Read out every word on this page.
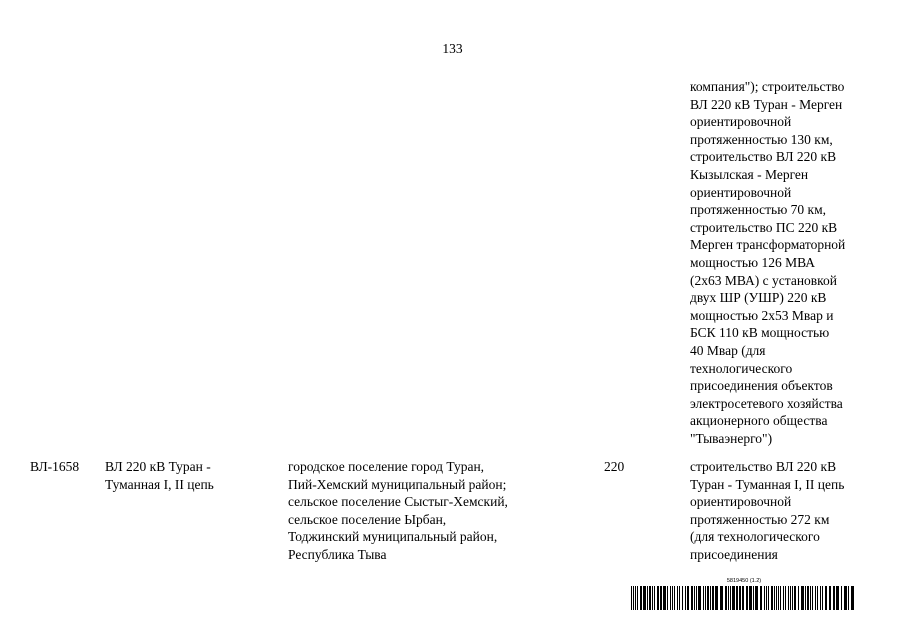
133
компания"); строительство
ВЛ 220 кВ Туран - Мерген
ориентировочной
протяженностью 130 км,
строительство ВЛ 220 кВ
Кызылская - Мерген
ориентировочной
протяженностью 70 км,
строительство ПС 220 кВ
Мерген трансформаторной
мощностью 126 МВА
(2x63 МВА) с установкой
двух ШР (УШР) 220 кВ
мощностью 2x53 Мвар и
БСК 110 кВ мощностью
40 Мвар (для
технологического
присоединения объектов
электросетевого хозяйства
акционерного общества
"Тываэнерго")
ВЛ-1658	ВЛ 220 кВ Туран -
Туманная I, II цепь
городское поселение город Туран,
Пий-Хемский муниципальный район;
сельское поселение Сыстыг-Хемский,
сельское поселение Ырбан,
Тоджинский муниципальный район,
Республика Тыва
220	строительство ВЛ 220 кВ
Туран - Туманная I, II цепь
ориентировочной
протяженностью 272 км
(для технологического
присоединения
5819450 (1.2)
